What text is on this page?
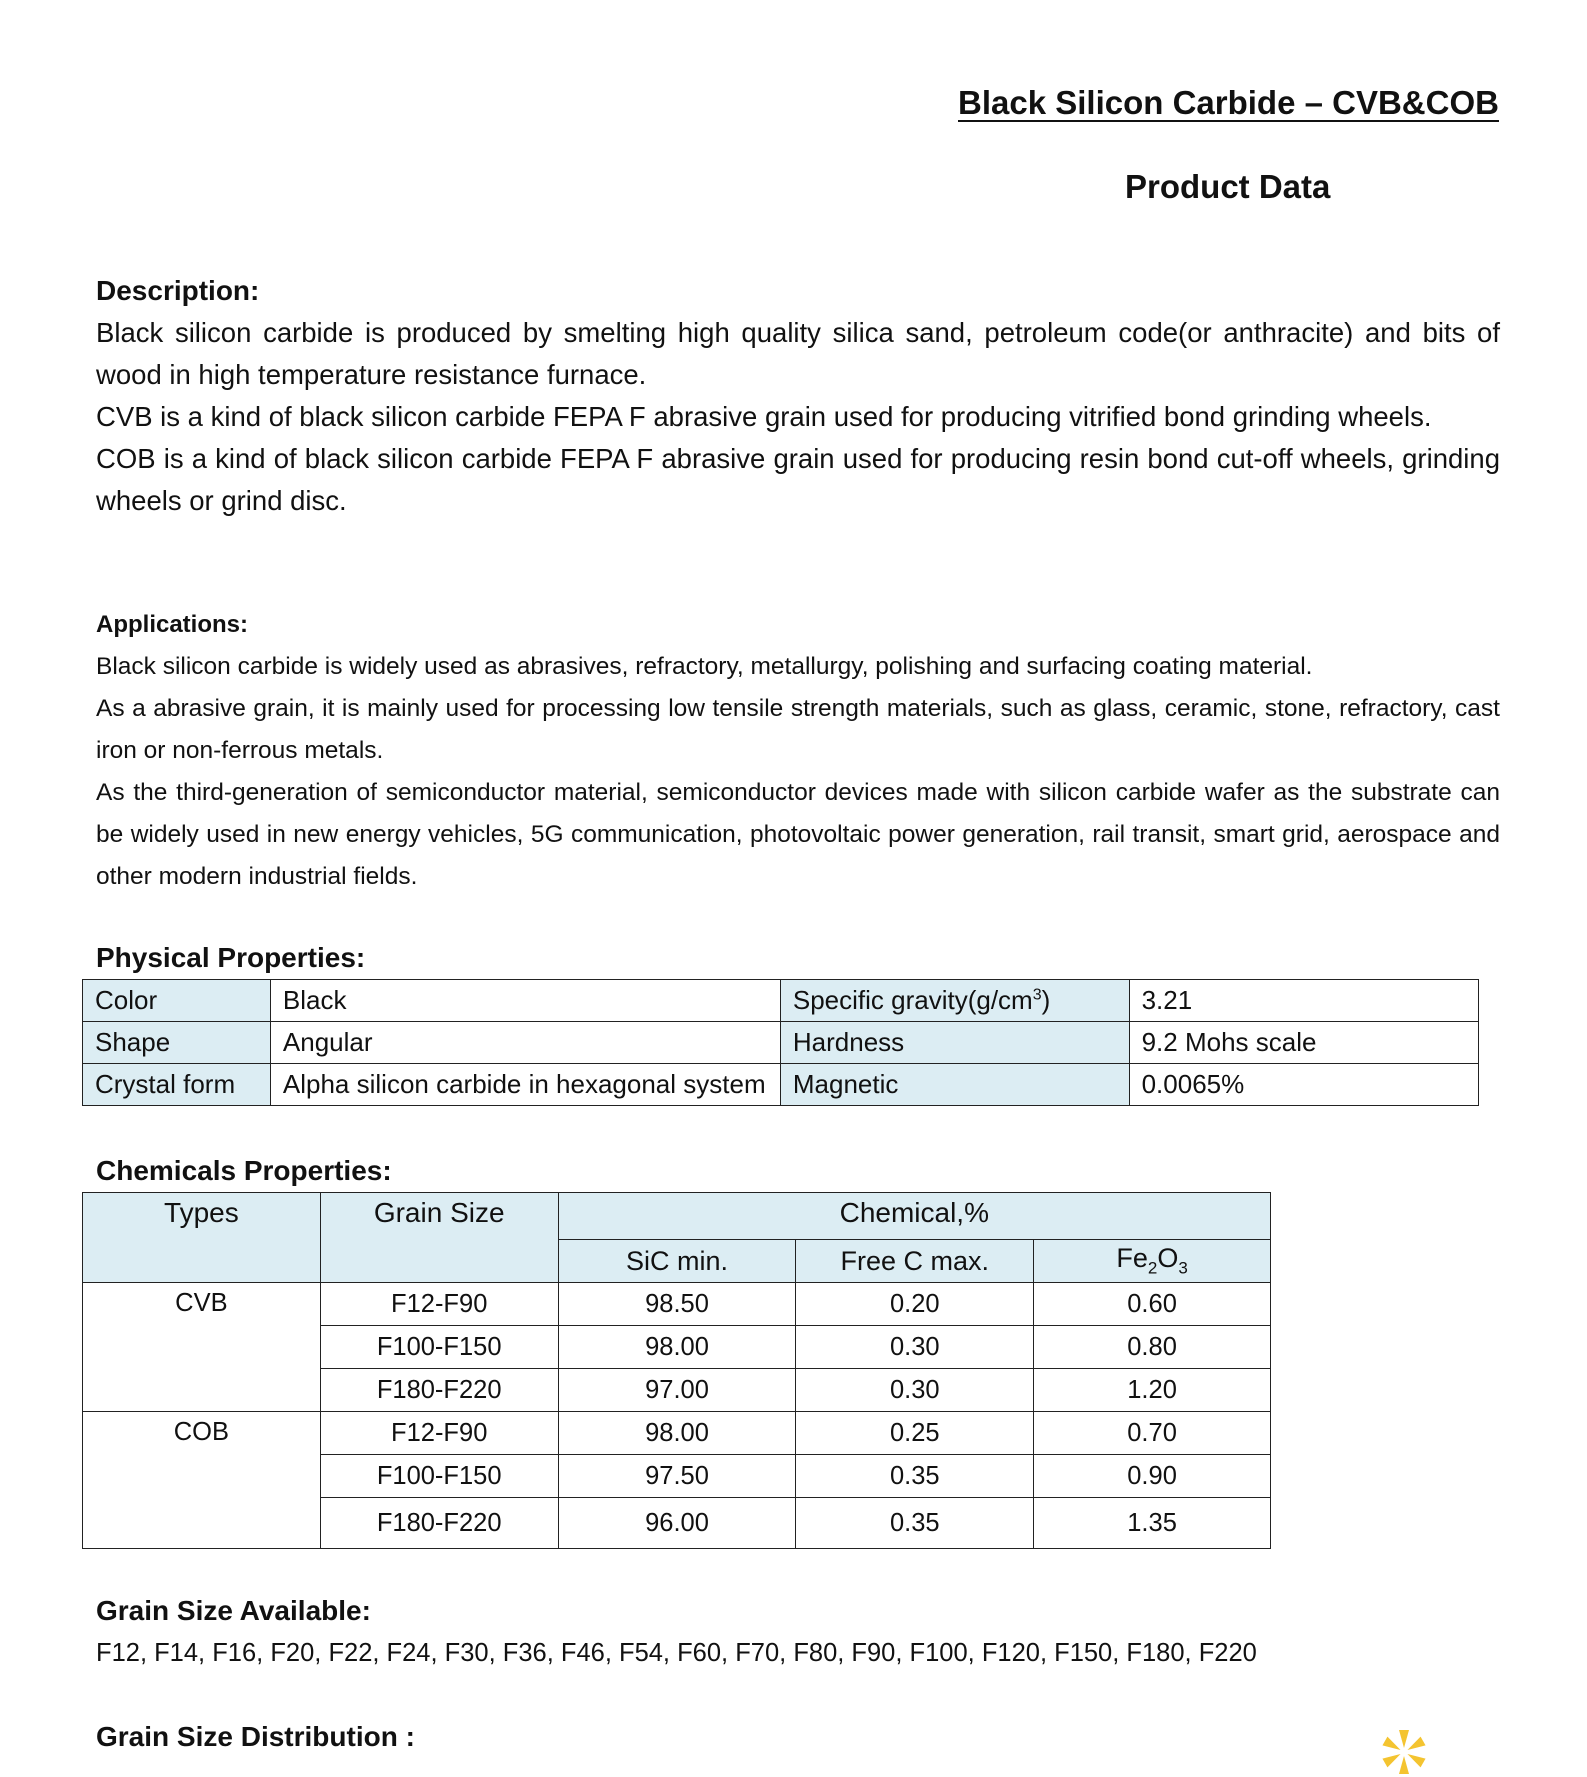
Black Silicon Carbide – CVB&COB
Product Data

Description:

Black silicon carbide is produced by smelting high quality silica sand, petroleum code(or anthracite) and bits of wood in high temperature resistance furnace.

CVB is a kind of black silicon carbide FEPA F abrasive grain used for producing vitrified bond grinding wheels.

COB is a kind of black silicon carbide FEPA F abrasive grain used for producing resin bond cut-off wheels, grinding wheels or grind disc.

Applications:

Black silicon carbide is widely used as abrasives, refractory, metallurgy, polishing and surfacing coating material.

As a abrasive grain, it is mainly used for processing low tensile strength materials, such as glass, ceramic, stone, refractory, cast iron or non-ferrous metals.

As the third-generation of semiconductor material, semiconductor devices made with silicon carbide wafer as the substrate can be widely used in new energy vehicles, 5G communication, photovoltaic power generation, rail transit, smart grid, aerospace and other modern industrial fields.

Physical Properties:

Color	Black	Specific $gravity(g/cm^3)$	3.21
Shape	Angular	Hardness	9.2 Mohs scale
Crystal form	Alpha silicon carbide in hexagonal system	Magnetic	0.0065%

Chemicals Properties:

Types	Grain Size	Chemical,%		
		SiC min.	Free C max.	$Fe_2O_3$
CVB	F12-F90	98.50	0.20	0.60
	F100-F150	98.00	0.30	0.80
	F180-F220	97.00	0.30	1.20
COB	F12-F90	98.00	0.25	0.70
	F100-F150	97.50	0.35	0.90
	F180-F220	96.00	0.35	1.35

Grain Size Available:

F12, F14, F16, F20, F22, F24, F30, F36, F46, F54, F60, F70, F80, F90, F100, F120, F150, F180, F220

Grain Size Distribution :
